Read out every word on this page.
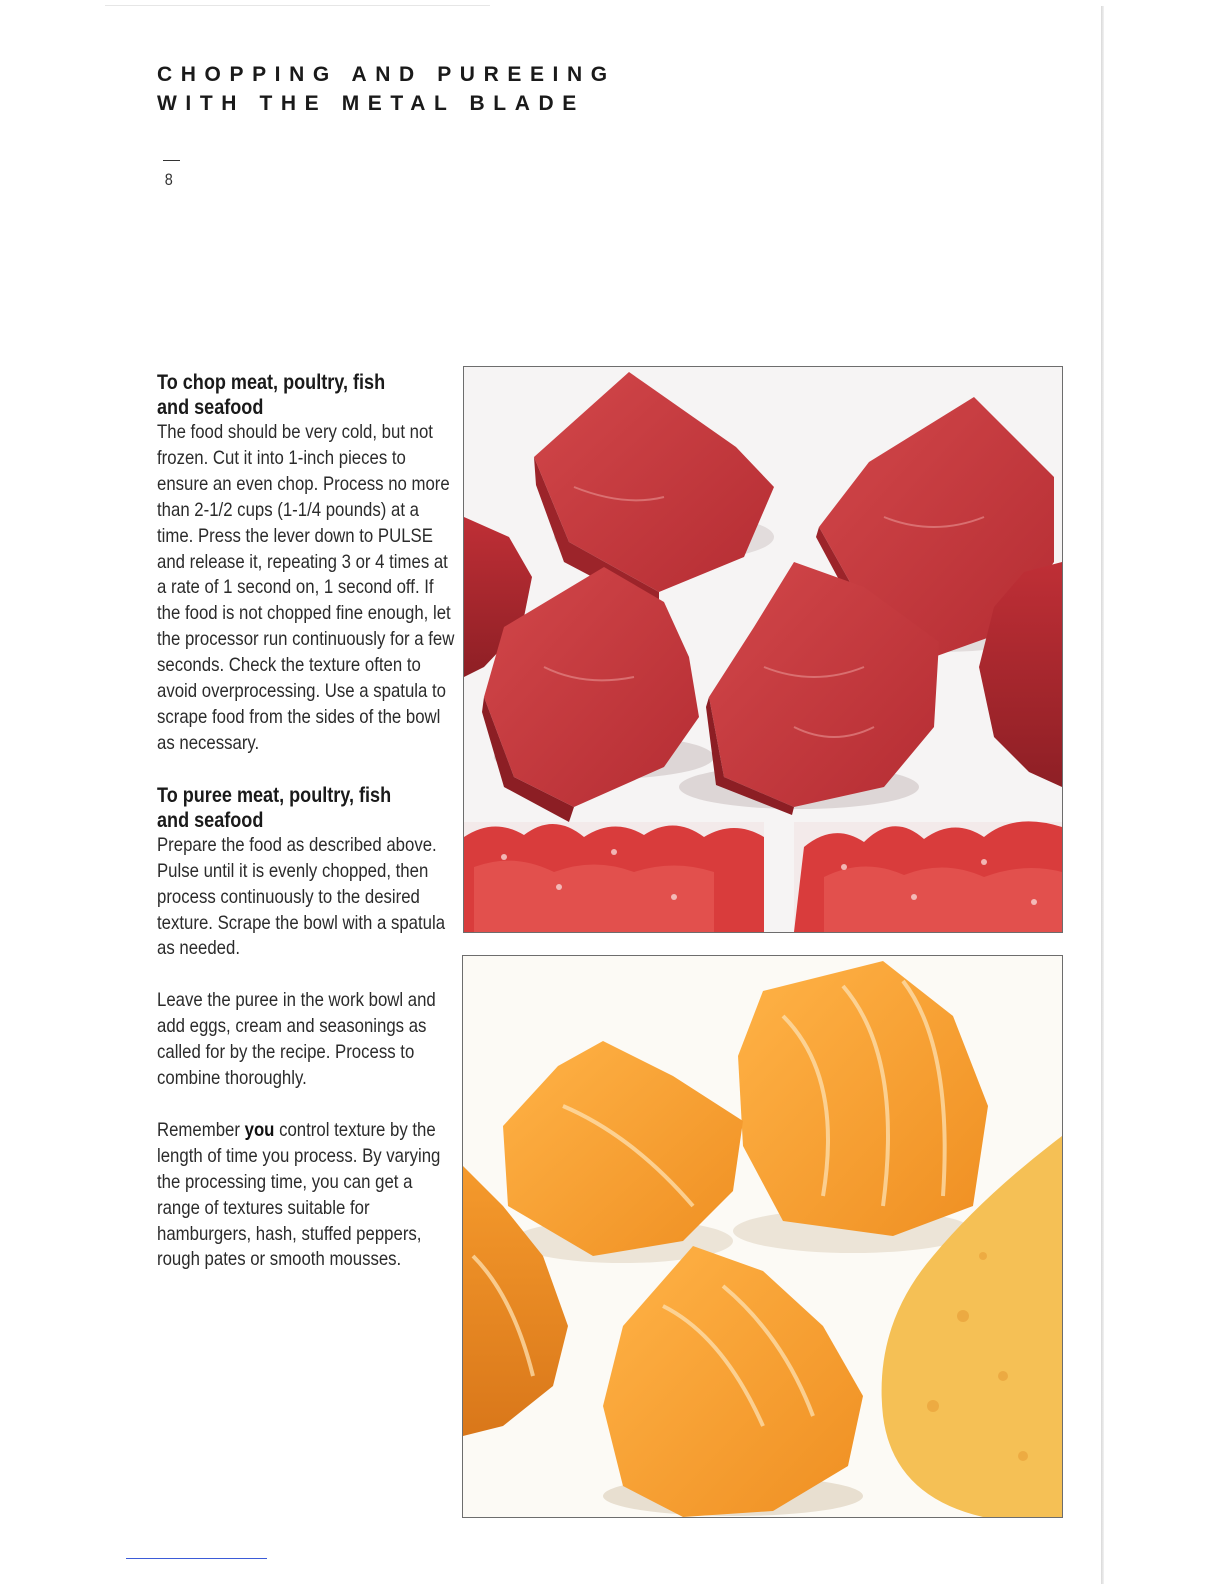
CHOPPING AND PUREEING
WITH THE METAL BLADE
8

To chop meat, poultry, fish
and seafood

The food should be very cold, but not frozen. Cut it into 1-inch pieces to ensure an even chop. Process no more than 2-1/2 cups (1-1/4 pounds) at a time. Press the lever down to PULSE and release it, repeating 3 or 4 times at a rate of 1 second on, 1 second off. If the food is not chopped fine enough, let the processor run continuously for a few seconds. Check the texture often to avoid overprocessing. Use a spatula to scrape food from the sides of the bowl as necessary.

To puree meat, poultry, fish
and seafood

Prepare the food as described above. Pulse until it is evenly chopped, then process continuously to the desired texture. Scrape the bowl with a spatula as needed.

Leave the puree in the work bowl and add eggs, cream and seasonings as called for by the recipe. Process to combine thoroughly.

Remember you control texture by the length of time you process. By varying the processing time, you can get a range of textures suitable for hamburgers, hash, stuffed peppers, rough pates or smooth mousses.
